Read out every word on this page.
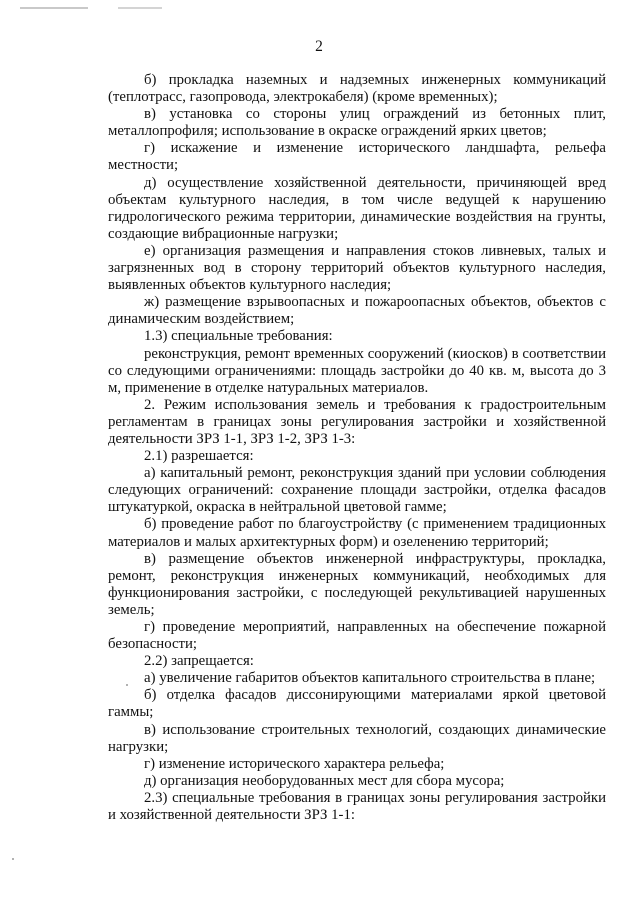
2

б) прокладка наземных и надземных инженерных коммуникаций (теплотрасс, газопровода, электрокабеля) (кроме временных);

в) установка со стороны улиц ограждений из бетонных плит, металлопрофиля; использование в окраске ограждений ярких цветов;

г) искажение и изменение исторического ландшафта, рельефа местности;

д) осуществление хозяйственной деятельности, причиняющей вред объектам культурного наследия, в том числе ведущей к нарушению гидрологического режима территории, динамические воздействия на грунты, создающие вибрационные нагрузки;

е) организация размещения и направления стоков ливневых, талых и загрязненных вод в сторону территорий объектов культурного наследия, выявленных объектов культурного наследия;

ж) размещение взрывоопасных и пожароопасных объектов, объектов с динамическим воздействием;

1.3) специальные требования:

реконструкция, ремонт временных сооружений (киосков) в соответствии со следующими ограничениями: площадь застройки до 40 кв. м, высота до 3 м, применение в отделке натуральных материалов.

2. Режим использования земель и требования к градостроительным регламентам в границах зоны регулирования застройки и хозяйственной деятельности ЗРЗ 1-1, ЗРЗ 1-2, ЗРЗ 1-3:

2.1) разрешается:

а) капитальный ремонт, реконструкция зданий при условии соблюдения следующих ограничений: сохранение площади застройки, отделка фасадов штукатуркой, окраска в нейтральной цветовой гамме;

б) проведение работ по благоустройству (с применением традиционных материалов и малых архитектурных форм) и озеленению территорий;

в) размещение объектов инженерной инфраструктуры, прокладка, ремонт, реконструкция инженерных коммуникаций, необходимых для функционирования застройки, с последующей рекультивацией нарушенных земель;

г) проведение мероприятий, направленных на обеспечение пожарной безопасности;

2.2) запрещается:

а) увеличение габаритов объектов капитального строительства в плане;

б) отделка фасадов диссонирующими материалами яркой цветовой гаммы;

в) использование строительных технологий, создающих динамические нагрузки;

г) изменение исторического характера рельефа;

д) организация необорудованных мест для сбора мусора;

2.3) специальные требования в границах зоны регулирования застройки и хозяйственной деятельности ЗРЗ 1-1:
